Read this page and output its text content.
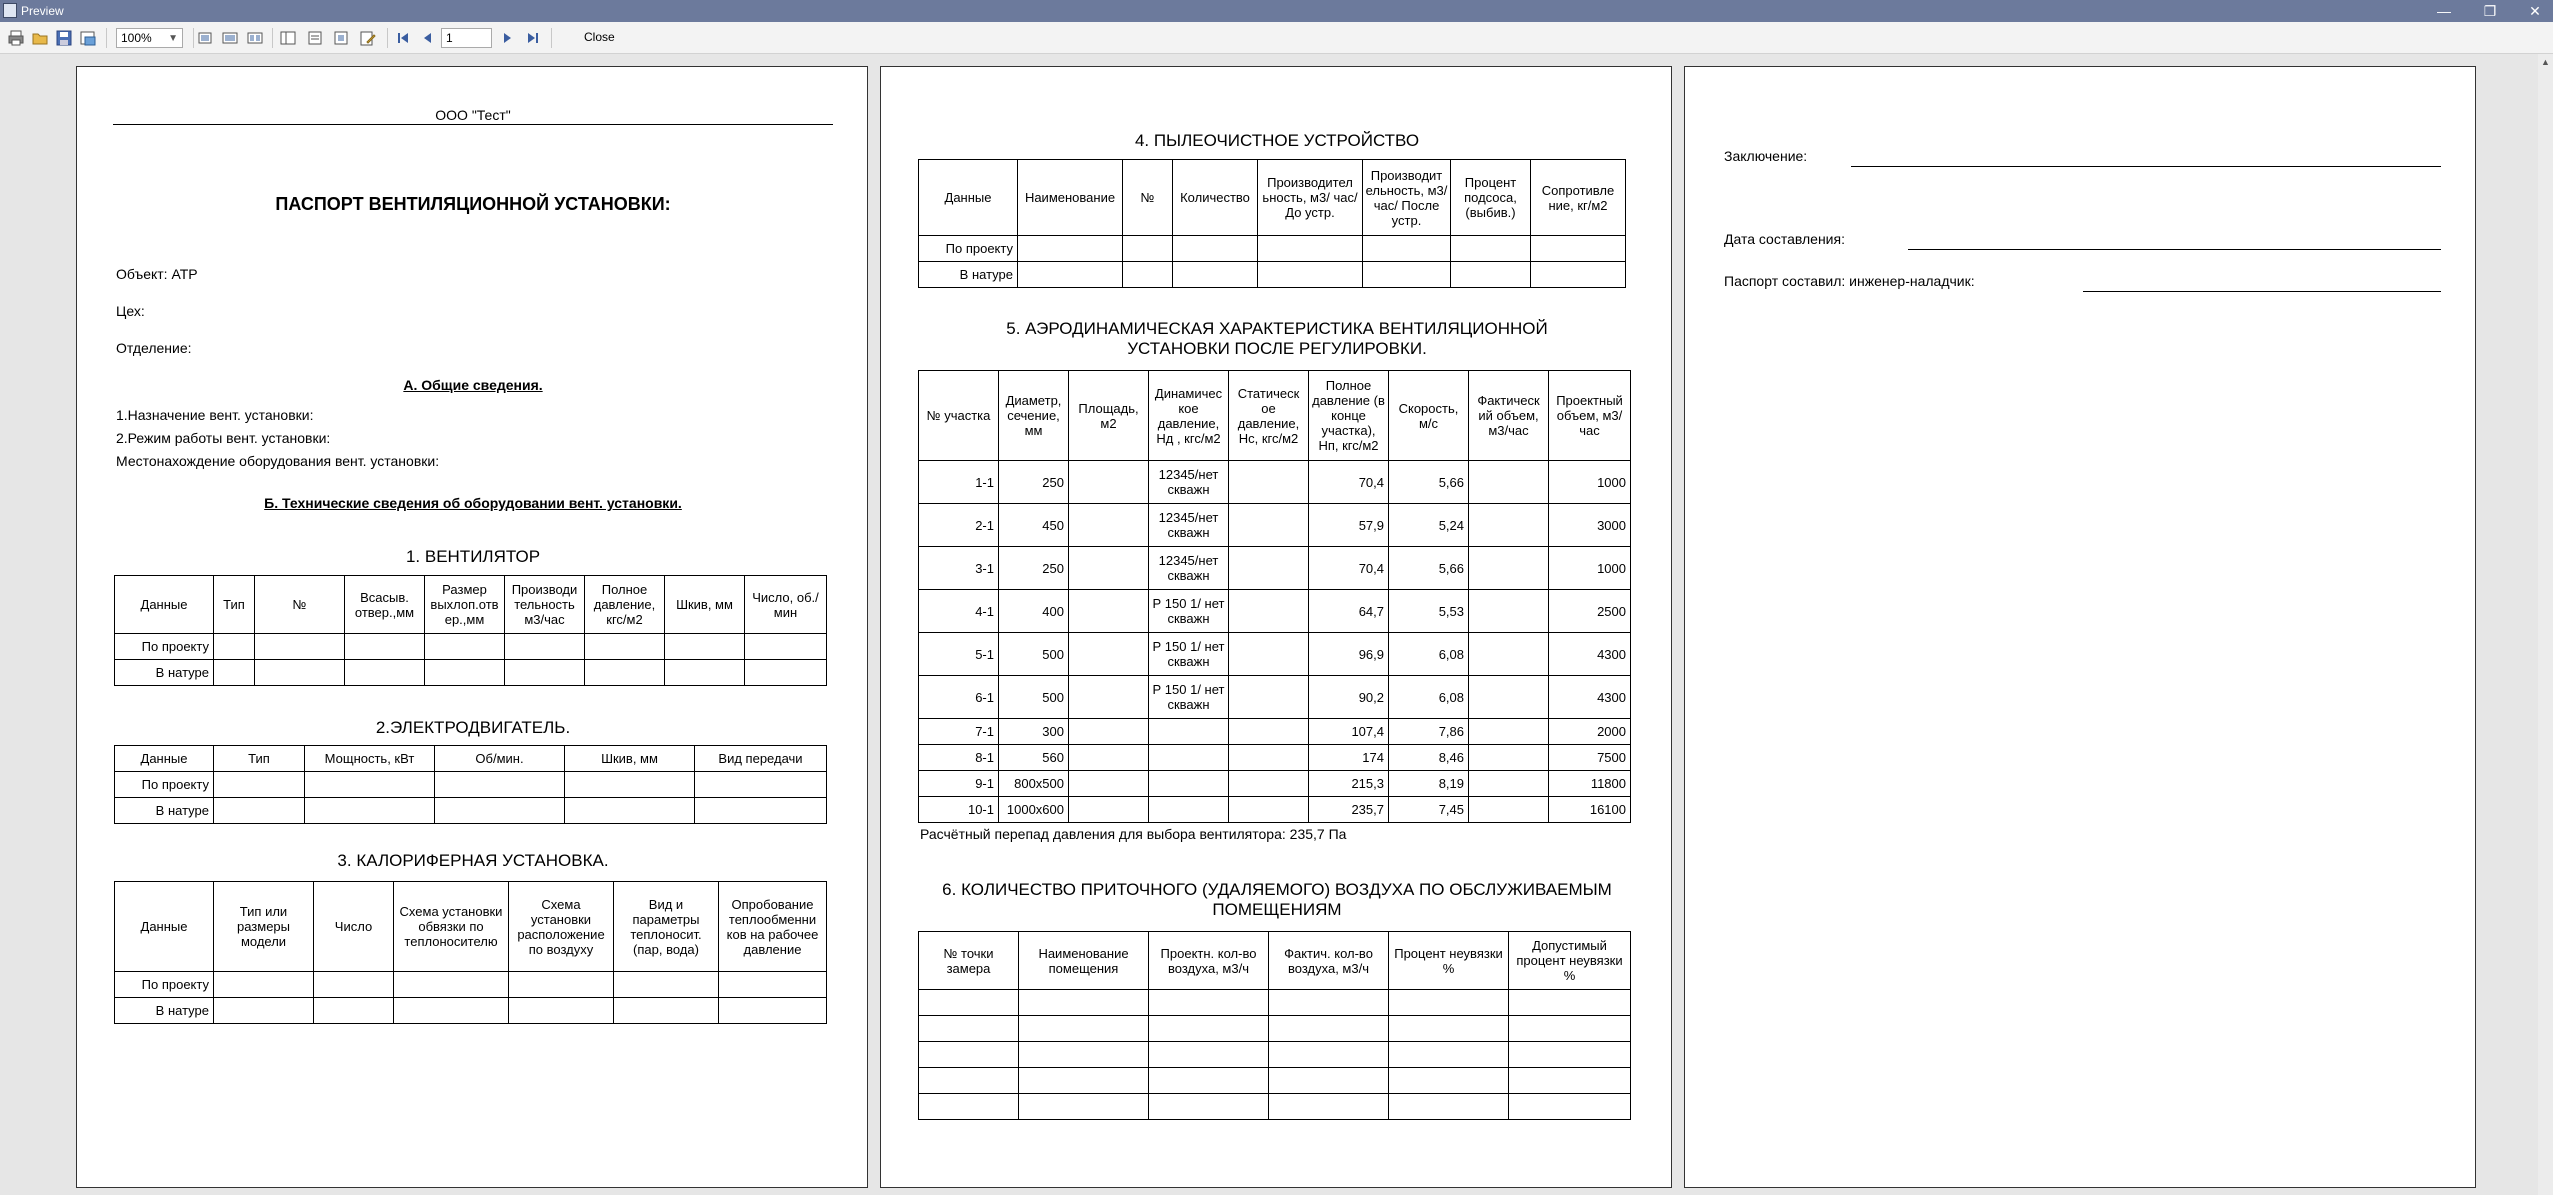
Preview	—	❐	✕
100% ▼	1	Close
ООО "Тест"
ПАСПОРТ ВЕНТИЛЯЦИОННОЙ УСТАНОВКИ:
Объект: АТР
Цех:
Отделение:
А. Общие сведения.
1.Назначение вент. установки:
2.Режим работы вент. установки:
Местонахождение оборудования вент. установки:
Б. Технические сведения об оборудовании вент. установки.
1. ВЕНТИЛЯТОР
Данные	Тип	№	Всасыв. отвер.,мм	Размер выхлоп.отв ер.,мм	Производи тельность м3/час	Полное давление, кгс/м2	Шкив, мм	Число, об./ мин
По проекту								
В натуре								
2.ЭЛЕКТРОДВИГАТЕЛЬ.
Данные	Тип	Мощность, кВт	Об/мин.	Шкив, мм	Вид передачи
По проекту					
В натуре					
3. КАЛОРИФЕРНАЯ УСТАНОВКА.
Данные	Тип или размеры модели	Число	Схема установки обвязки по теплоносителю	Схема установки расположение по воздуху	Вид и параметры теплоносит. (пар, вода)	Опробование теплообменни ков на рабочее давление
По проекту						
В натуре						
4. ПЫЛЕОЧИСТНОЕ УСТРОЙСТВО
Данные	Наименование	№	Количество	Производител ьность, м3/ час/До устр.	Производит ельность, м3/час/ После устр.	Процент подсоса, (выбив.)	Сопротивле ние, кг/м2
По проекту							
В натуре							
5. АЭРОДИНАМИЧЕСКАЯ ХАРАКТЕРИСТИКА ВЕНТИЛЯЦИОННОЙ
УСТАНОВКИ ПОСЛЕ РЕГУЛИРОВКИ.
№ участка	Диаметр, сечение, мм	Площадь, м2	Динамичес кое давление, Нд , кгс/м2	Статическ ое давление, Нс, кгс/м2	Полное давление (в конце участка), Нп, кгс/м2	Скорость, м/с	Фактическ ий объем, м3/час	Проектный объем, м3/ час
1-1	250		12345/нет скважн		70,4	5,66		1000
2-1	450		12345/нет скважн		57,9	5,24		3000
3-1	250		12345/нет скважн		70,4	5,66		1000
4-1	400		Р 150 1/ нет скважн		64,7	5,53		2500
5-1	500		Р 150 1/ нет скважн		96,9	6,08		4300
6-1	500		Р 150 1/ нет скважн		90,2	6,08		4300
7-1	300				107,4	7,86		2000
8-1	560				174	8,46		7500
9-1	800х500				215,3	8,19		11800
10-1	1000х600				235,7	7,45		16100
Расчётный перепад давления для выбора вентилятора: 235,7 Па
6. КОЛИЧЕСТВО ПРИТОЧНОГО (УДАЛЯЕМОГО) ВОЗДУХА ПО ОБСЛУЖИВАЕМЫМ
ПОМЕЩЕНИЯМ
№ точки замера	Наименование помещения	Проектн. кол-во воздуха, м3/ч	Фактич. кол-во воздуха, м3/ч	Процент неувязки %	Допустимый процент неувязки %

Заключение:
Дата составления:
Паспорт составил: инженер-наладчик:
▲
